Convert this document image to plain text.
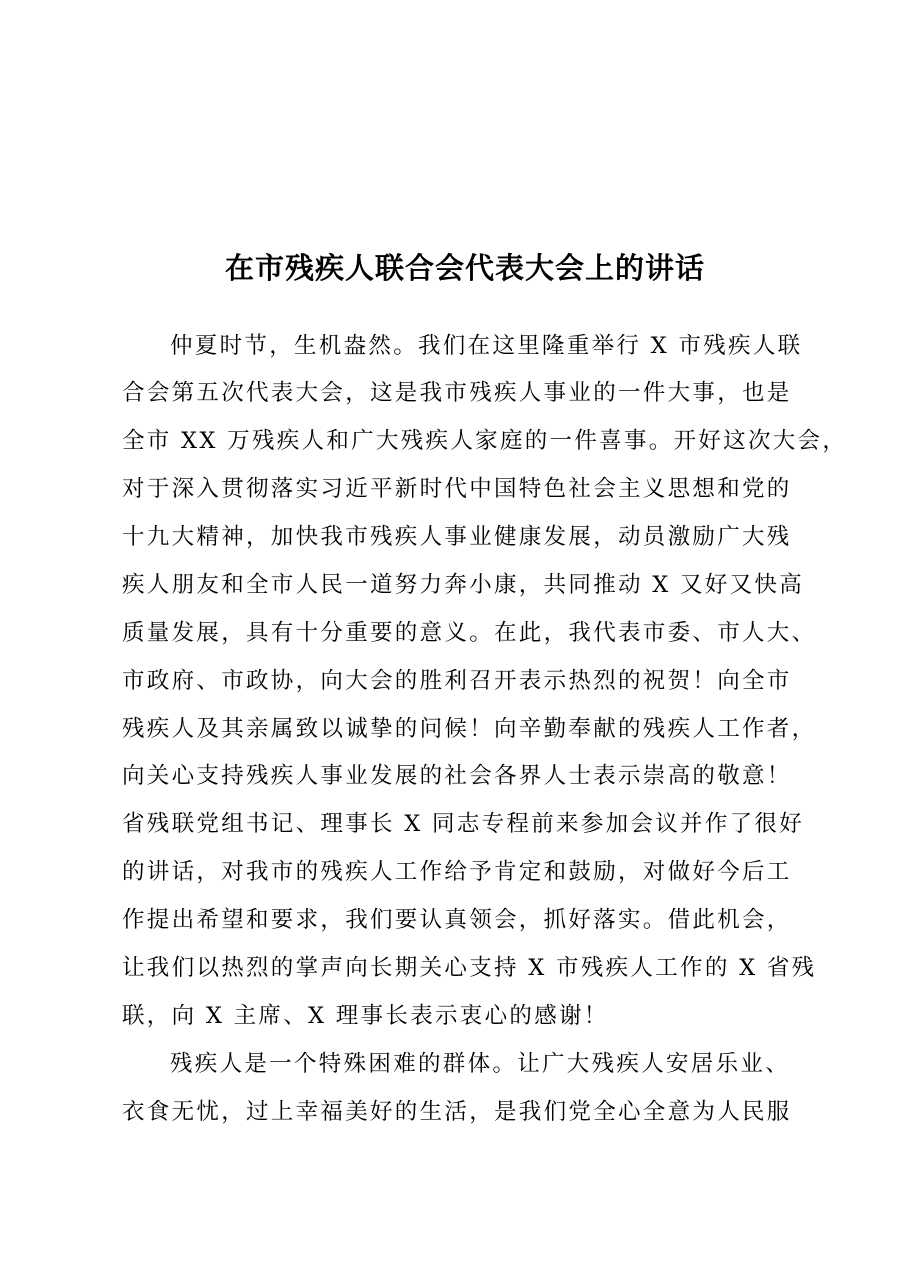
在市残疾人联合会代表大会上的讲话
仲夏时节，生机盎然。我们在这里隆重举行 X 市残疾人联
合会第五次代表大会，这是我市残疾人事业的一件大事，也是
全市 XX 万残疾人和广大残疾人家庭的一件喜事。开好这次大会，
对于深入贯彻落实习近平新时代中国特色社会主义思想和党的
十九大精神，加快我市残疾人事业健康发展，动员激励广大残
疾人朋友和全市人民一道努力奔小康，共同推动 X 又好又快高
质量发展，具有十分重要的意义。在此，我代表市委、市人大、
市政府、市政协，向大会的胜利召开表示热烈的祝贺！向全市
残疾人及其亲属致以诚挚的问候！向辛勤奉献的残疾人工作者，
向关心支持残疾人事业发展的社会各界人士表示崇高的敬意！
省残联党组书记、理事长 X 同志专程前来参加会议并作了很好
的讲话，对我市的残疾人工作给予肯定和鼓励，对做好今后工
作提出希望和要求，我们要认真领会，抓好落实。借此机会，
让我们以热烈的掌声向长期关心支持 X 市残疾人工作的 X 省残
联，向 X 主席、X 理事长表示衷心的感谢！
残疾人是一个特殊困难的群体。让广大残疾人安居乐业、
衣食无忧，过上幸福美好的生活，是我们党全心全意为人民服
